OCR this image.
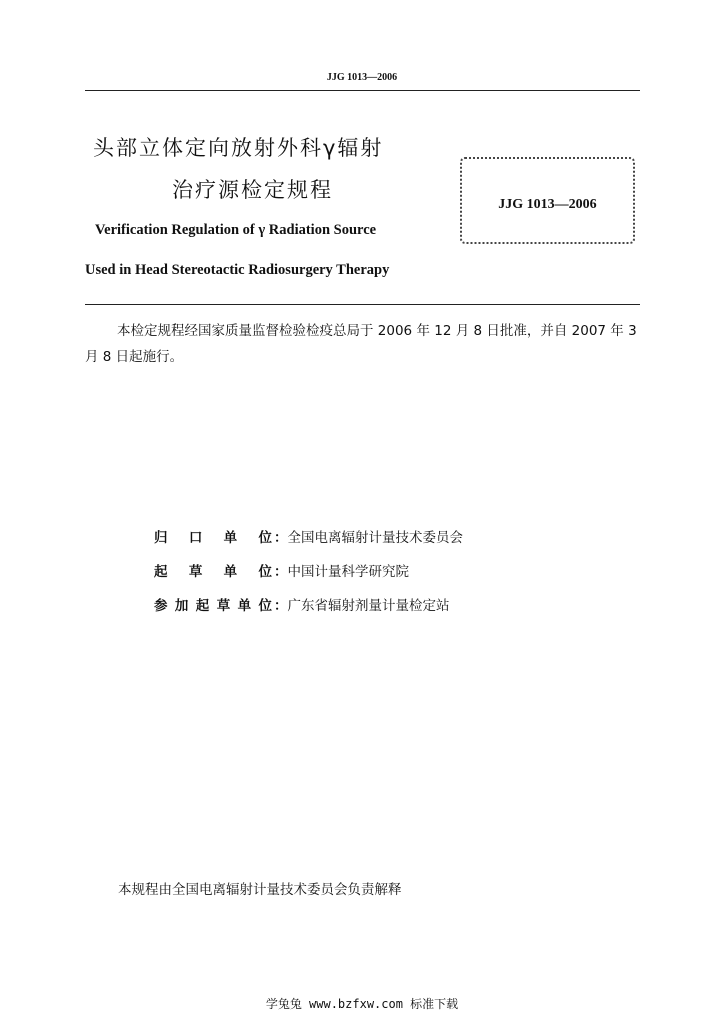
JJG 1013—2006
头部立体定向放射外科γ辐射
治疗源检定规程
JJG 1013—2006
Verification Regulation of γ Radiation Source
Used in Head Stereotactic Radiosurgery Therapy

本检定规程经国家质量监督检验检疫总局于 2006 年 12 月 8 日批准，并自 2007 年 3 月 8 日起施行。

归口单位 ：全国电离辐射计量技术委员会
起草单位 ：中国计量科学研究院
参加起草单位 ：广东省辐射剂量计量检定站
本规程由全国电离辐射计量技术委员会负责解释
学兔兔 www.bzfxw.com 标准下载
